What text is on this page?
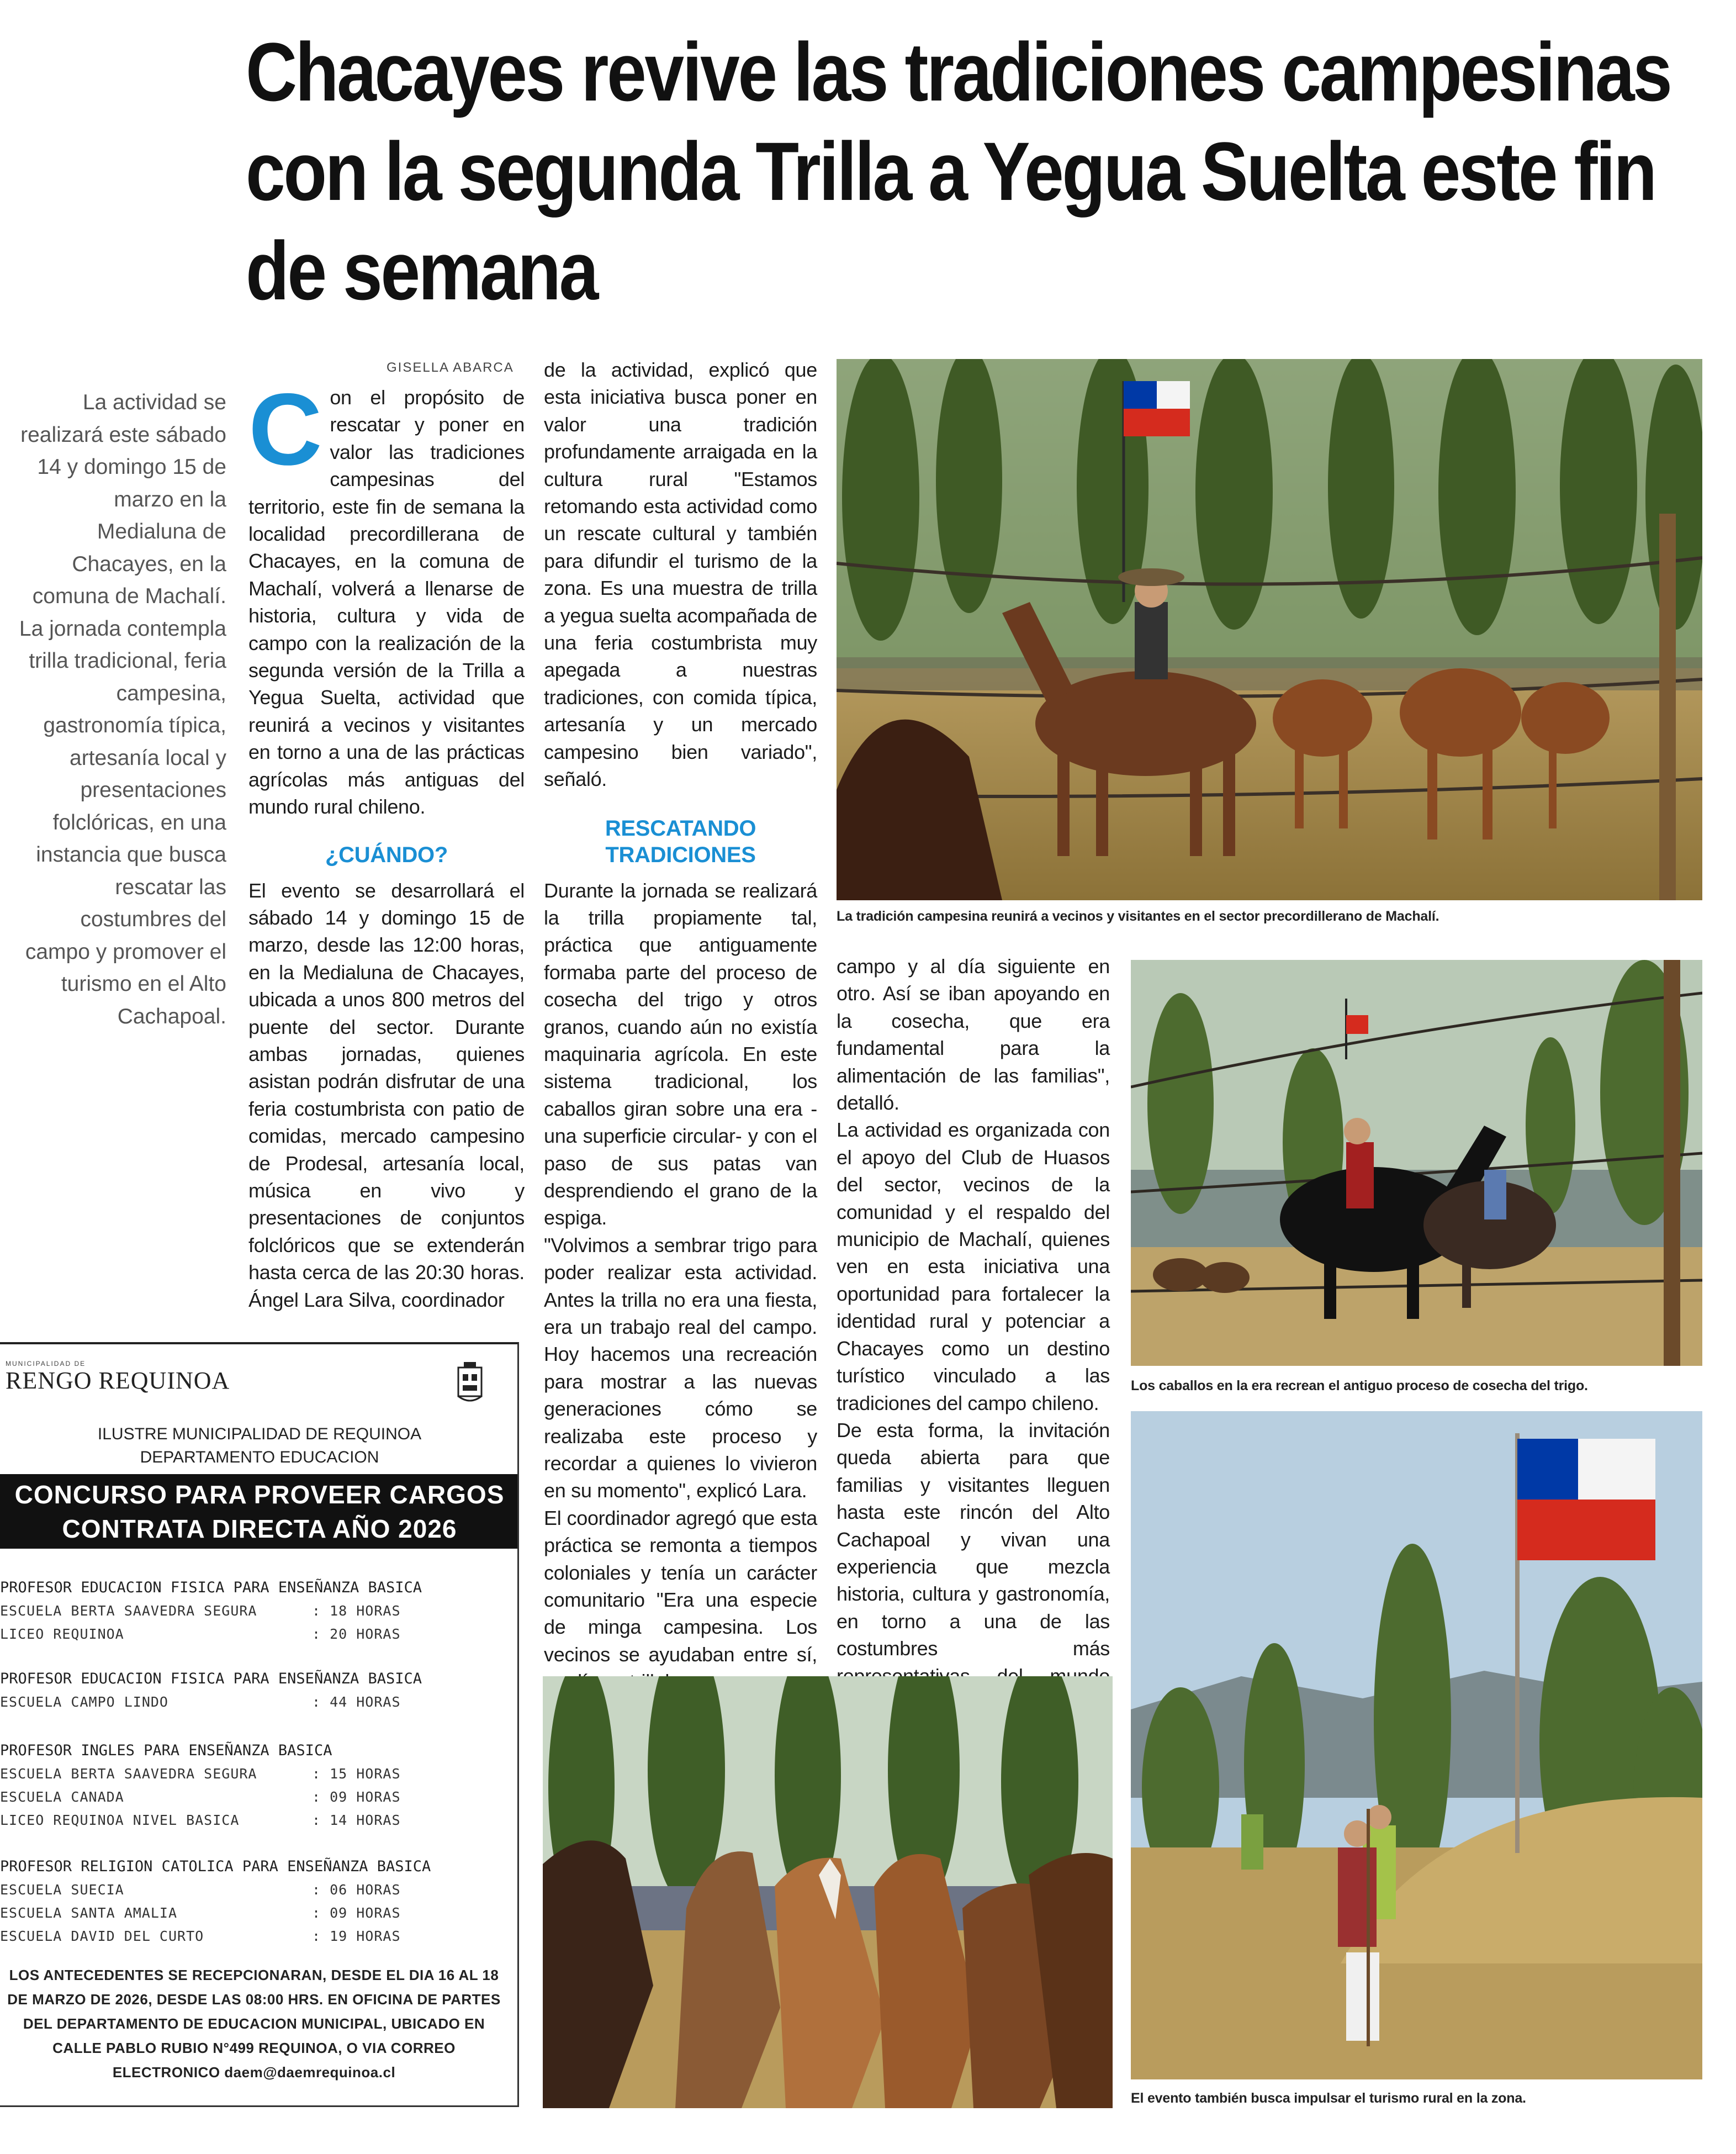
Chacayes revive las tradiciones campesinas con la segunda Trilla a Yegua Suelta este fin de semana
La actividad se realizará este sábado 14 y domingo 15 de marzo en la Medialuna de Chacayes, en la comuna de Machalí. La jornada contempla trilla tradicional, feria campesina, gastronomía típica, artesanía local y presentaciones folclóricas, en una instancia que busca rescatar las costumbres del campo y promover el turismo en el Alto Cachapoal.
GISELLA ABARCA

Con el propósito de rescatar y poner en valor las tradiciones campesinas del territorio, este fin de semana la localidad precordillerana de Chacayes, en la comuna de Machalí, volverá a llenarse de historia, cultura y vida de campo con la realización de la segunda versión de la Trilla a Yegua Suelta, actividad que reunirá a vecinos y visitantes en torno a una de las prácticas agrícolas más antiguas del mundo rural chileno.

¿CUÁNDO?

El evento se desarrollará el sábado 14 y domingo 15 de marzo, desde las 12:00 horas, en la Medialuna de Chacayes, ubicada a unos 800 metros del puente del sector. Durante ambas jornadas, quienes asistan podrán disfrutar de una feria costumbrista con patio de comidas, mercado campesino de Prodesal, artesanía local, música en vivo y presentaciones de conjuntos folclóricos que se extenderán hasta cerca de las 20:30 horas. Ángel Lara Silva, coordinador

de la actividad, explicó que esta iniciativa busca poner en valor una tradición profundamente arraigada en la cultura rural "Estamos retomando esta actividad como un rescate cultural y también para difundir el turismo de la zona. Es una muestra de trilla a yegua suelta acompañada de una feria costumbrista muy apegada a nuestras tradiciones, con comida típica, artesanía y un mercado campesino bien variado", señaló.

RESCATANDO TRADICIONES

Durante la jornada se realizará la trilla propiamente tal, práctica que antiguamente formaba parte del proceso de cosecha del trigo y otros granos, cuando aún no existía maquinaria agrícola. En este sistema tradicional, los caballos giran sobre una era -una superficie circular- y con el paso de sus patas van desprendiendo el grano de la espiga.

"Volvimos a sembrar trigo para poder realizar esta actividad. Antes la trilla no era una fiesta, era un trabajo real del campo. Hoy hacemos una recreación para mostrar a las nuevas generaciones cómo se realizaba este proceso y recordar a quienes lo vivieron en su momento", explicó Lara.

El coordinador agregó que esta práctica se remonta a tiempos coloniales y tenía un carácter comunitario "Era una especie de minga campesina. Los vecinos se ayudaban entre sí,

campo y al día siguiente en otro. Así se iban apoyando en la cosecha, que era fundamental para la alimentación de las familias", detalló.

La actividad es organizada con el apoyo del Club de Huasos del sector, vecinos de la comunidad y el respaldo del municipio de Machalí, quienes ven en esta iniciativa una oportunidad para fortalecer la identidad rural y potenciar a Chacayes como un destino turístico vinculado a las tradiciones del campo chileno.

De esta forma, la invitación queda abierta para que familias y visitantes lleguen hasta este rincón del Alto Cachapoal y vivan una experiencia que mezcla historia, cultura y gastronomía, en torno a una de las costumbres más

La tradición campesina reunirá a vecinos y visitantes en el sector precordillerano de Machalí.
Los caballos en la era recrean el antiguo proceso de cosecha del trigo.
El evento también busca impulsar el turismo rural en la zona.
MUNICIPALIDAD DE
RENGO REQUINOA
ILUSTRE MUNICIPALIDAD DE REQUINOA
DEPARTAMENTO EDUCACION
CONCURSO PARA PROVEER CARGOS
CONTRATA DIRECTA AÑO 2026
PROFESOR EDUCACION FISICA PARA ENSEÑANZA BASICA
ESCUELA BERTA SAAVEDRA SEGURA	: 18 HORAS
LICEO REQUINOA	: 20 HORAS
PROFESOR EDUCACION FISICA PARA ENSEÑANZA BASICA
ESCUELA CAMPO LINDO	: 44 HORAS
PROFESOR INGLES PARA ENSEÑANZA BASICA
ESCUELA BERTA SAAVEDRA SEGURA	: 15 HORAS
ESCUELA CANADA	: 09 HORAS
LICEO REQUINOA NIVEL BASICA	: 14 HORAS
PROFESOR RELIGION CATOLICA PARA ENSEÑANZA BASICA
ESCUELA SUECIA	: 06 HORAS
ESCUELA SANTA AMALIA	: 09 HORAS
ESCUELA DAVID DEL CURTO	: 19 HORAS
LOS ANTECEDENTES SE RECEPCIONARAN, DESDE EL DIA 16 AL 18 DE MARZO DE 2026, DESDE LAS 08:00 HRS. EN OFICINA DE PARTES DEL DEPARTAMENTO DE EDUCACION MUNICIPAL, UBICADO EN CALLE PABLO RUBIO N°499 REQUINOA, O VIA CORREO ELECTRONICO daem@daemrequinoa.cl
